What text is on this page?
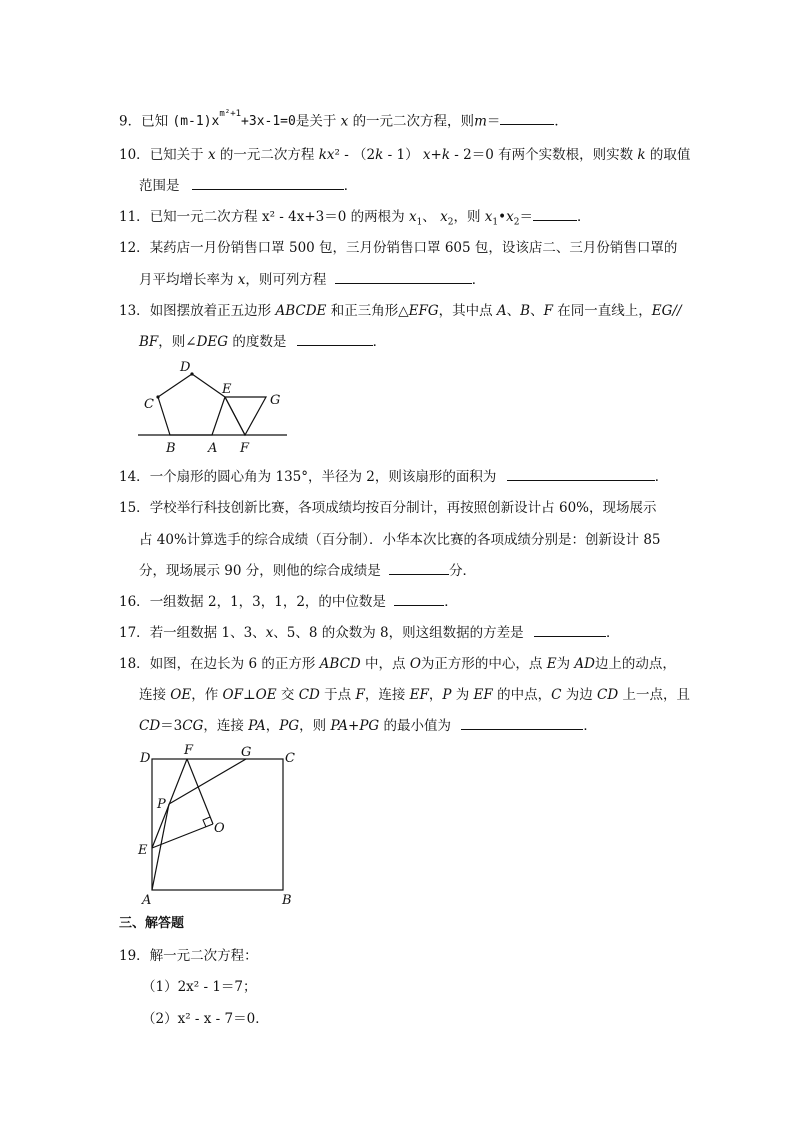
9．已知 $(m-1)x^{m^2+1}+3x-1=0$是关于 x 的一元二次方程，则m＝	．
10．已知关于 x 的一元二次方程 kx² - （2k - 1） x+k - 2＝0 有两个实数根，则实数 k 的取值
范围是	．
11．已知一元二次方程 x² - 4x+3＝0 的两根为 $x_1$、 $x_2$，则 $x_1•x_2=$	．
12．某药店一月份销售口罩 500 包，三月份销售口罩 605 包，设该店二、三月份销售口罩的
月平均增长率为 x，则可列方程	．
13．如图摆放着正五边形 ABCDE 和正三角形△EFG，其中点 A、B、F 在同一直线上，EG//
BF，则∠DEG 的度数是	．
D
C
E
G
B A F
14．一个扇形的圆心角为 135°，半径为 2，则该扇形的面积为	．
15．学校举行科技创新比赛，各项成绩均按百分制计，再按照创新设计占 60%，现场展示
占 40%计算选手的综合成绩（百分制）．小华本次比赛的各项成绩分别是：创新设计 85
分，现场展示 90 分，则他的综合成绩是	分．
16．一组数据 2，1，3，1，2，的中位数是	．
17．若一组数据 1、3、x、5、8 的众数为 8，则这组数据的方差是	．
18．如图，在边长为 6 的正方形 ABCD 中，点 O为正方形的中心，点 E为 AD边上的动点，
连接 OE，作 OF⊥OE 交 CD 于点 F，连接 EF，P 为 EF 的中点，C 为边 CD 上一点，且
CD＝3CG，连接 PA，PG，则 PA+PG 的最小值为	．
D
F	G	C
P
O
E
A	B
三、解答题
19．解一元二次方程：
（1）2x² - 1＝7；
（2）x² - x - 7＝0．
